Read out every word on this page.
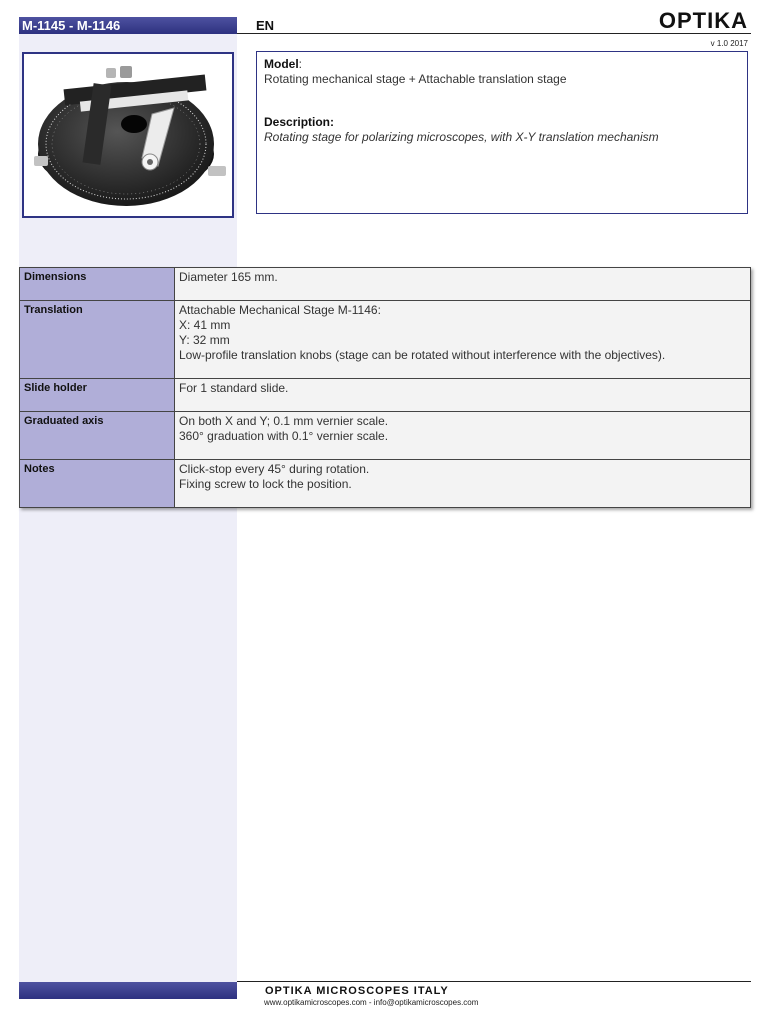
M-1145 - M-1146	EN	OPTIKA
v 1.0 2017
Model:
Rotating mechanical stage + Attachable translation stage
Description:
Rotating stage for polarizing microscopes, with X-Y translation mechanism
Dimensions	Diameter 165 mm.

Translation	Attachable Mechanical Stage M-1146:
X: 41 mm
Y: 32 mm
Low-profile translation knobs (stage can be rotated without interference with the objectives).

Slide holder	For 1 standard slide.

Graduated axis	On both X and Y; 0.1 mm vernier scale.
360° graduation with 0.1° vernier scale.

Notes	Click-stop every 45° during rotation.
Fixing screw to lock the position.
OPTIKA MICROSCOPES ITALY
www.optikamicroscopes.com - info@optikamicroscopes.com
